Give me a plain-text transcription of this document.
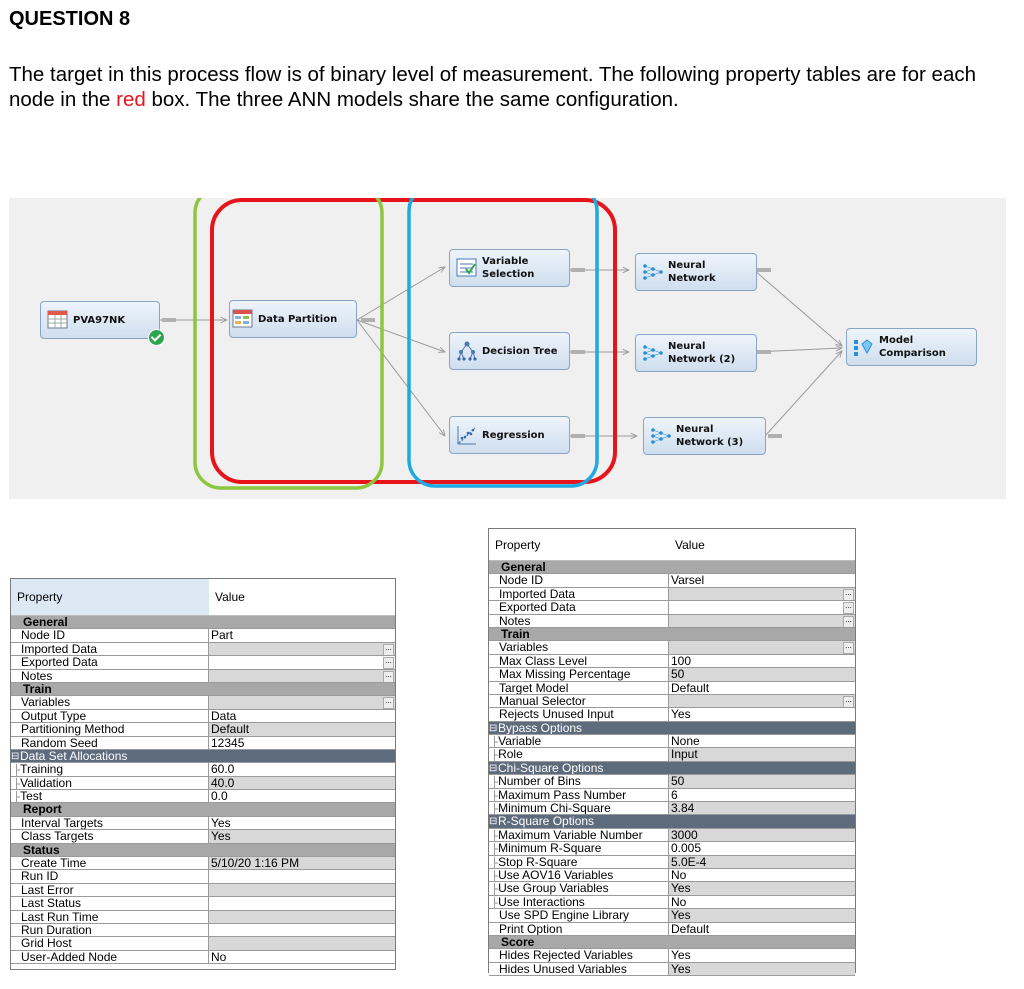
QUESTION 8
The target in this process flow is of binary level of measurement. The following property tables are for each node in the red box. The three ANN models share the same configuration.
PVA97NK	Data Partition
Variable
Selection
Decision Tree
Regression
Neural Network
Neural
Network (2)
Neural
Network (3)
Model
Comparison
Property	Value
General
Node ID	Part
Imported Data	...
Exported Data	...
Notes	...
Train
Variables	...
Output Type	Data
Partitioning Method	Default
Random Seed	12345
⊟ Data Set Allocations
├ Training	60.0
├ Validation	40.0
├ Test	0.0
Report
Interval Targets	Yes
Class Targets	Yes
Status
Create Time	5/10/20 1:16 PM
Run ID
Last Error
Last Status
Last Run Time
Run Duration
Grid Host
User-Added Node	No
Property	Value
General
Node ID	Varsel
Imported Data	...
Exported Data	...
Notes	...
Train
Variables	...
Max Class Level	100
Max Missing Percentage	50
Target Model	Default
Manual Selector	...
Rejects Unused Input	Yes
⊟ Bypass Options
├ Variable	None
├ Role	Input
⊟ Chi-Square Options
├ Number of Bins	50
├ Maximum Pass Number	6
├ Minimum Chi-Square	3.84
⊟ R-Square Options
├ Maximum Variable Number	3000
├ Minimum R-Square	0.005
├ Stop R-Square	5.0E-4
├ Use AOV16 Variables	No
├ Use Group Variables	Yes
├ Use Interactions	No
Use SPD Engine Library	Yes
Print Option	Default
Score
Hides Rejected Variables	Yes
Hides Unused Variables	Yes
